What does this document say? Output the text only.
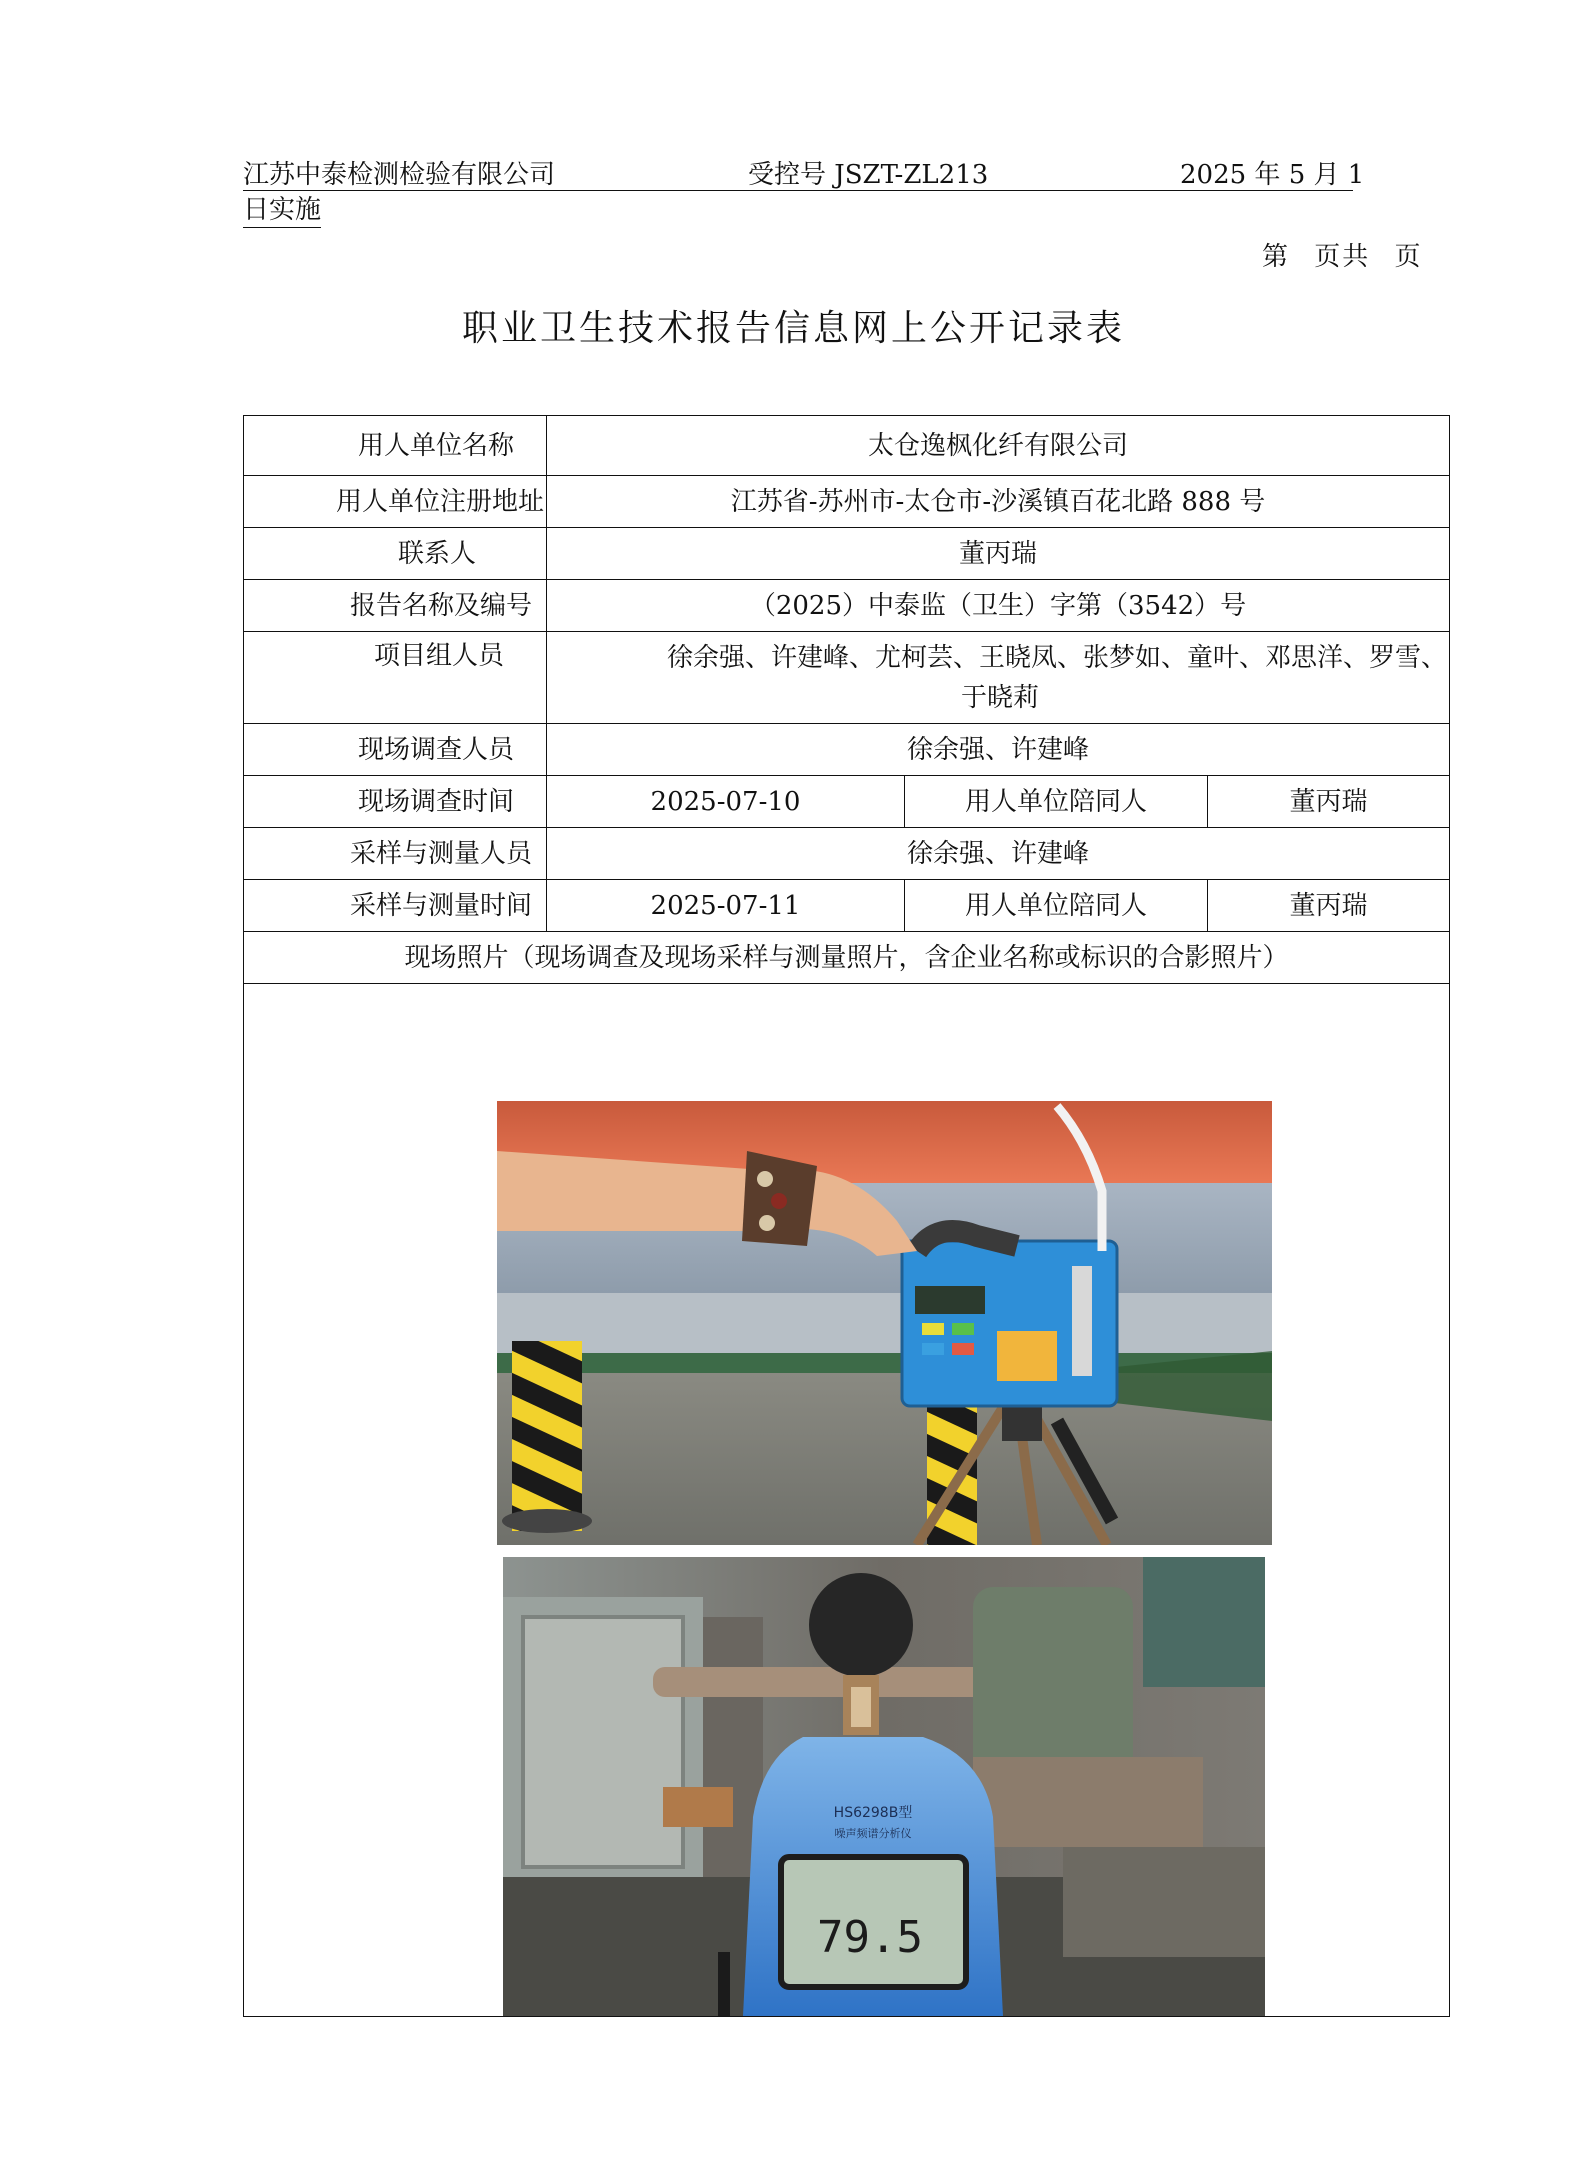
江苏中泰检测检验有限公司	受控号 JSZT-ZL213	2025 年 5 月 1
日实施
第 页共 页
职业卫生技术报告信息网上公开记录表
用人单位名称	太仓逸枫化纤有限公司		
用人单位注册地址	江苏省-苏州市-太仓市-沙溪镇百花北路 888 号		
联系人	董丙瑞		
报告名称及编号	（2025）中泰监（卫生）字第（3542）号		
项目组人员	徐余强、许建峰、尤柯芸、王晓凤、张梦如、童叶、邓思洋、罗雪、
于晓莉		

现场调查人员	徐余强、许建峰		
现场调查时间	2025-07-10	用人单位陪同人	董丙瑞
采样与测量人员	徐余强、许建峰		
采样与测量时间	2025-07-11	用人单位陪同人	董丙瑞
现场照片（现场调查及现场采样与测量照片，含企业名称或标识的合影照片）			

HS6298B型
噪声频谱分析仪
79.5			
